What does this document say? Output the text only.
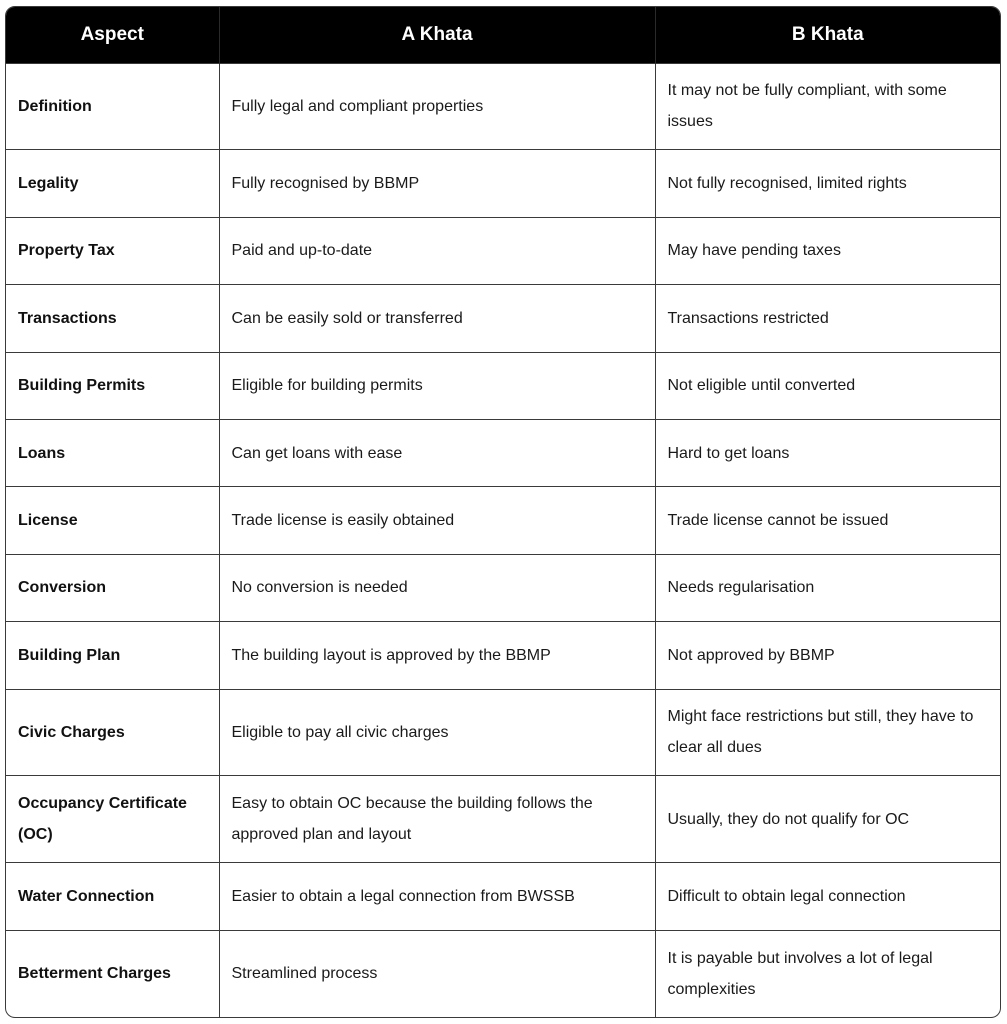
Aspect	A Khata	B Khata
Definition	Fully legal and compliant properties	It may not be fully compliant, with some issues
Legality	Fully recognised by BBMP	Not fully recognised, limited rights
Property Tax	Paid and up-to-date	May have pending taxes
Transactions	Can be easily sold or transferred	Transactions restricted
Building Permits	Eligible for building permits	Not eligible until converted
Loans	Can get loans with ease	Hard to get loans
License	Trade license is easily obtained	Trade license cannot be issued
Conversion	No conversion is needed	Needs regularisation
Building Plan	The building layout is approved by the BBMP	Not approved by BBMP
Civic Charges	Eligible to pay all civic charges	Might face restrictions but still, they have to clear all dues
Occupancy Certificate (OC)	Easy to obtain OC because the building follows the approved plan and layout	Usually, they do not qualify for OC
Water Connection	Easier to obtain a legal connection from BWSSB	Difficult to obtain legal connection
Betterment Charges	Streamlined process	It is payable but involves a lot of legal complexities
